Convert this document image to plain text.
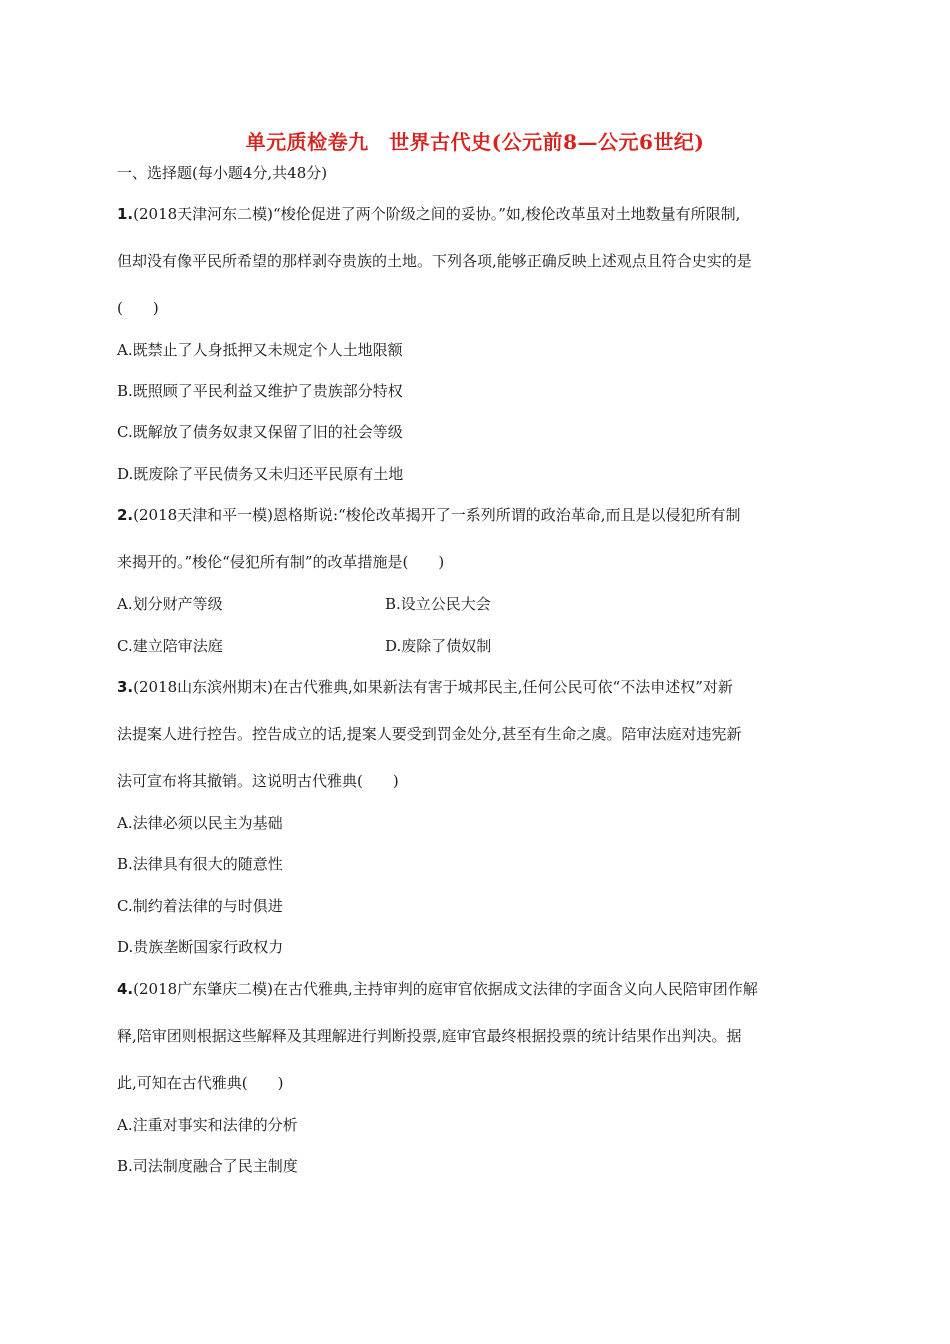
单元质检卷九　世界古代史(公元前8—公元6世纪)
一、选择题(每小题4分,共48分)
1.(2018天津河东二模)“梭伦促进了两个阶级之间的妥协。”如,梭伦改革虽对土地数量有所限制,
但却没有像平民所希望的那样剥夺贵族的土地。下列各项,能够正确反映上述观点且符合史实的是
(　　)
A.既禁止了人身抵押又未规定个人土地限额
B.既照顾了平民利益又维护了贵族部分特权
C.既解放了债务奴隶又保留了旧的社会等级
D.既废除了平民债务又未归还平民原有土地
2.(2018天津和平一模)恩格斯说:“梭伦改革揭开了一系列所谓的政治革命,而且是以侵犯所有制
来揭开的。”梭伦“侵犯所有制”的改革措施是(　　)
A.划分财产等级	B.设立公民大会
C.建立陪审法庭	D.废除了债奴制
3.(2018山东滨州期末)在古代雅典,如果新法有害于城邦民主,任何公民可依“不法申述权”对新
法提案人进行控告。控告成立的话,提案人要受到罚金处分,甚至有生命之虞。陪审法庭对违宪新
法可宣布将其撤销。这说明古代雅典(　　)
A.法律必须以民主为基础
B.法律具有很大的随意性
C.制约着法律的与时俱进
D.贵族垄断国家行政权力
4.(2018广东肇庆二模)在古代雅典,主持审判的庭审官依据成文法律的字面含义向人民陪审团作解
释,陪审团则根据这些解释及其理解进行判断投票,庭审官最终根据投票的统计结果作出判决。据
此,可知在古代雅典(　　)
A.注重对事实和法律的分析
B.司法制度融合了民主制度
